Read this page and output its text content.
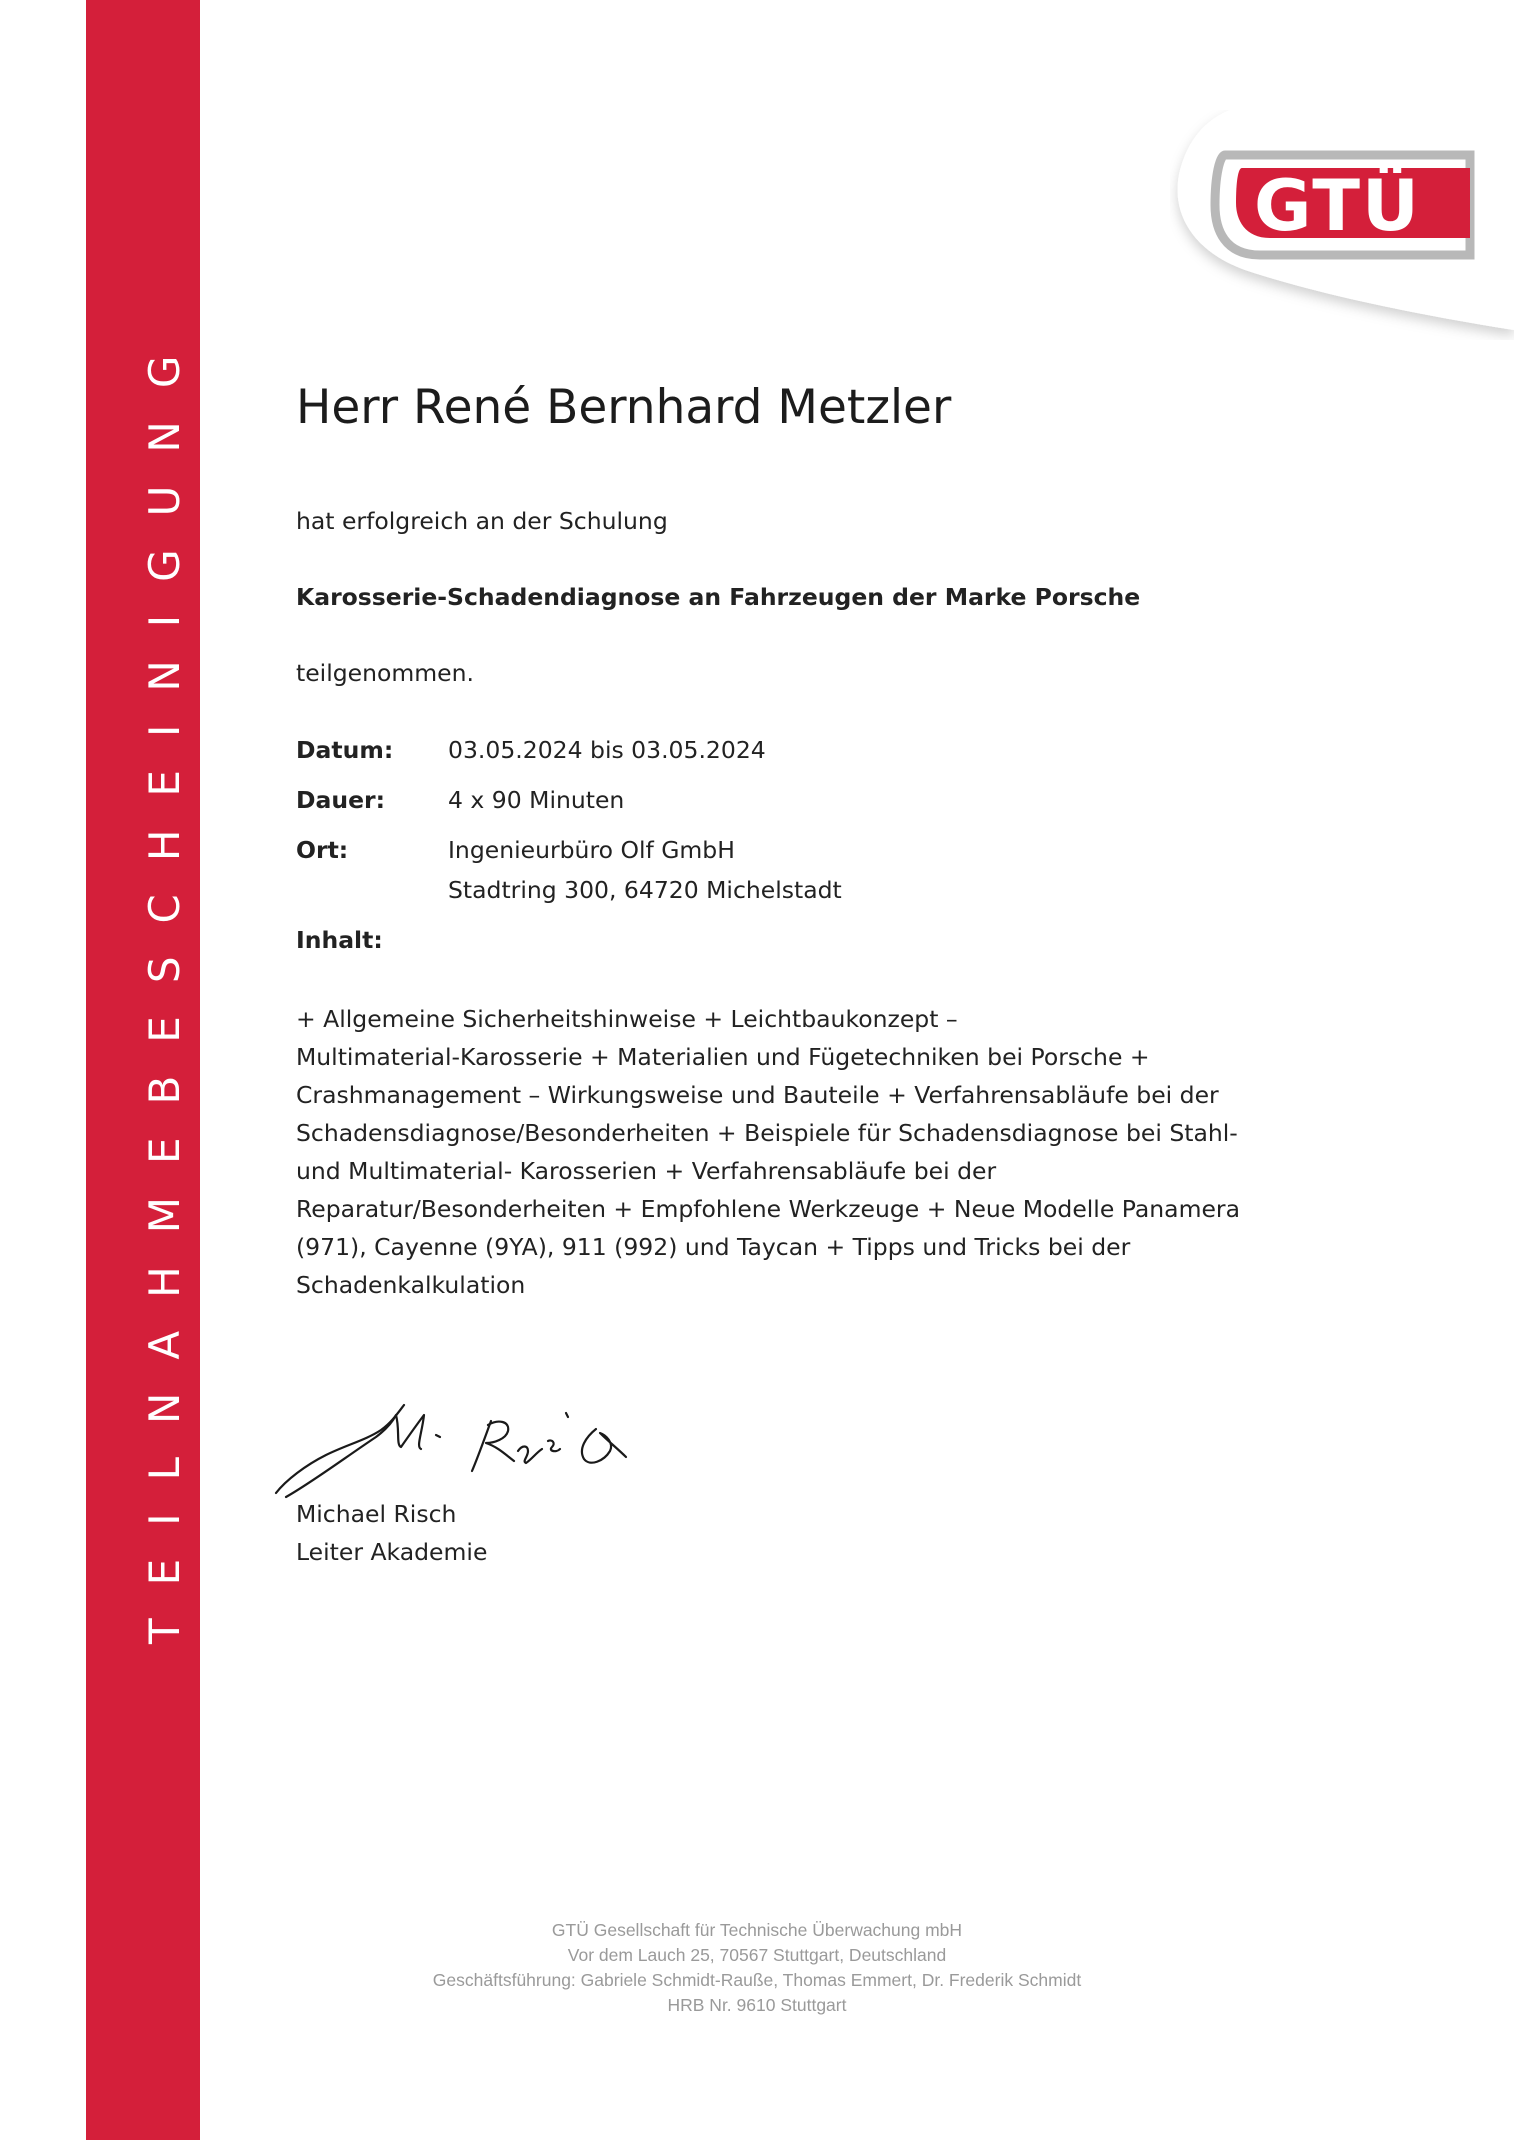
TEILNAHMEBESCHEINIGUNG
GTÜ
Herr René Bernhard Metzler
hat erfolgreich an der Schulung
Karosserie-Schadendiagnose an Fahrzeugen der Marke Porsche
teilgenommen.
Datum: 03.05.2024 bis 03.05.2024
Dauer:	4 x 90 Minuten
Ort:	Ingenieurbüro Olf GmbH
Stadtring 300, 64720 Michelstadt
Inhalt:
+ Allgemeine Sicherheitshinweise + Leichtbaukonzept –
Multimaterial-Karosserie + Materialien und Fügetechniken bei Porsche +
Crashmanagement – Wirkungsweise und Bauteile + Verfahrensabläufe bei der
Schadensdiagnose/Besonderheiten + Beispiele für Schadensdiagnose bei Stahl-
und Multimaterial- Karosserien + Verfahrensabläufe bei der
Reparatur/Besonderheiten + Empfohlene Werkzeuge + Neue Modelle Panamera
(971), Cayenne (9YA), 911 (992) und Taycan + Tipps und Tricks bei der
Schadenkalkulation
Michael Risch
Leiter Akademie
GTÜ Gesellschaft für Technische Überwachung mbH
Vor dem Lauch 25, 70567 Stuttgart, Deutschland
Geschäftsführung: Gabriele Schmidt-Rauße, Thomas Emmert, Dr. Frederik Schmidt
HRB Nr. 9610 Stuttgart
